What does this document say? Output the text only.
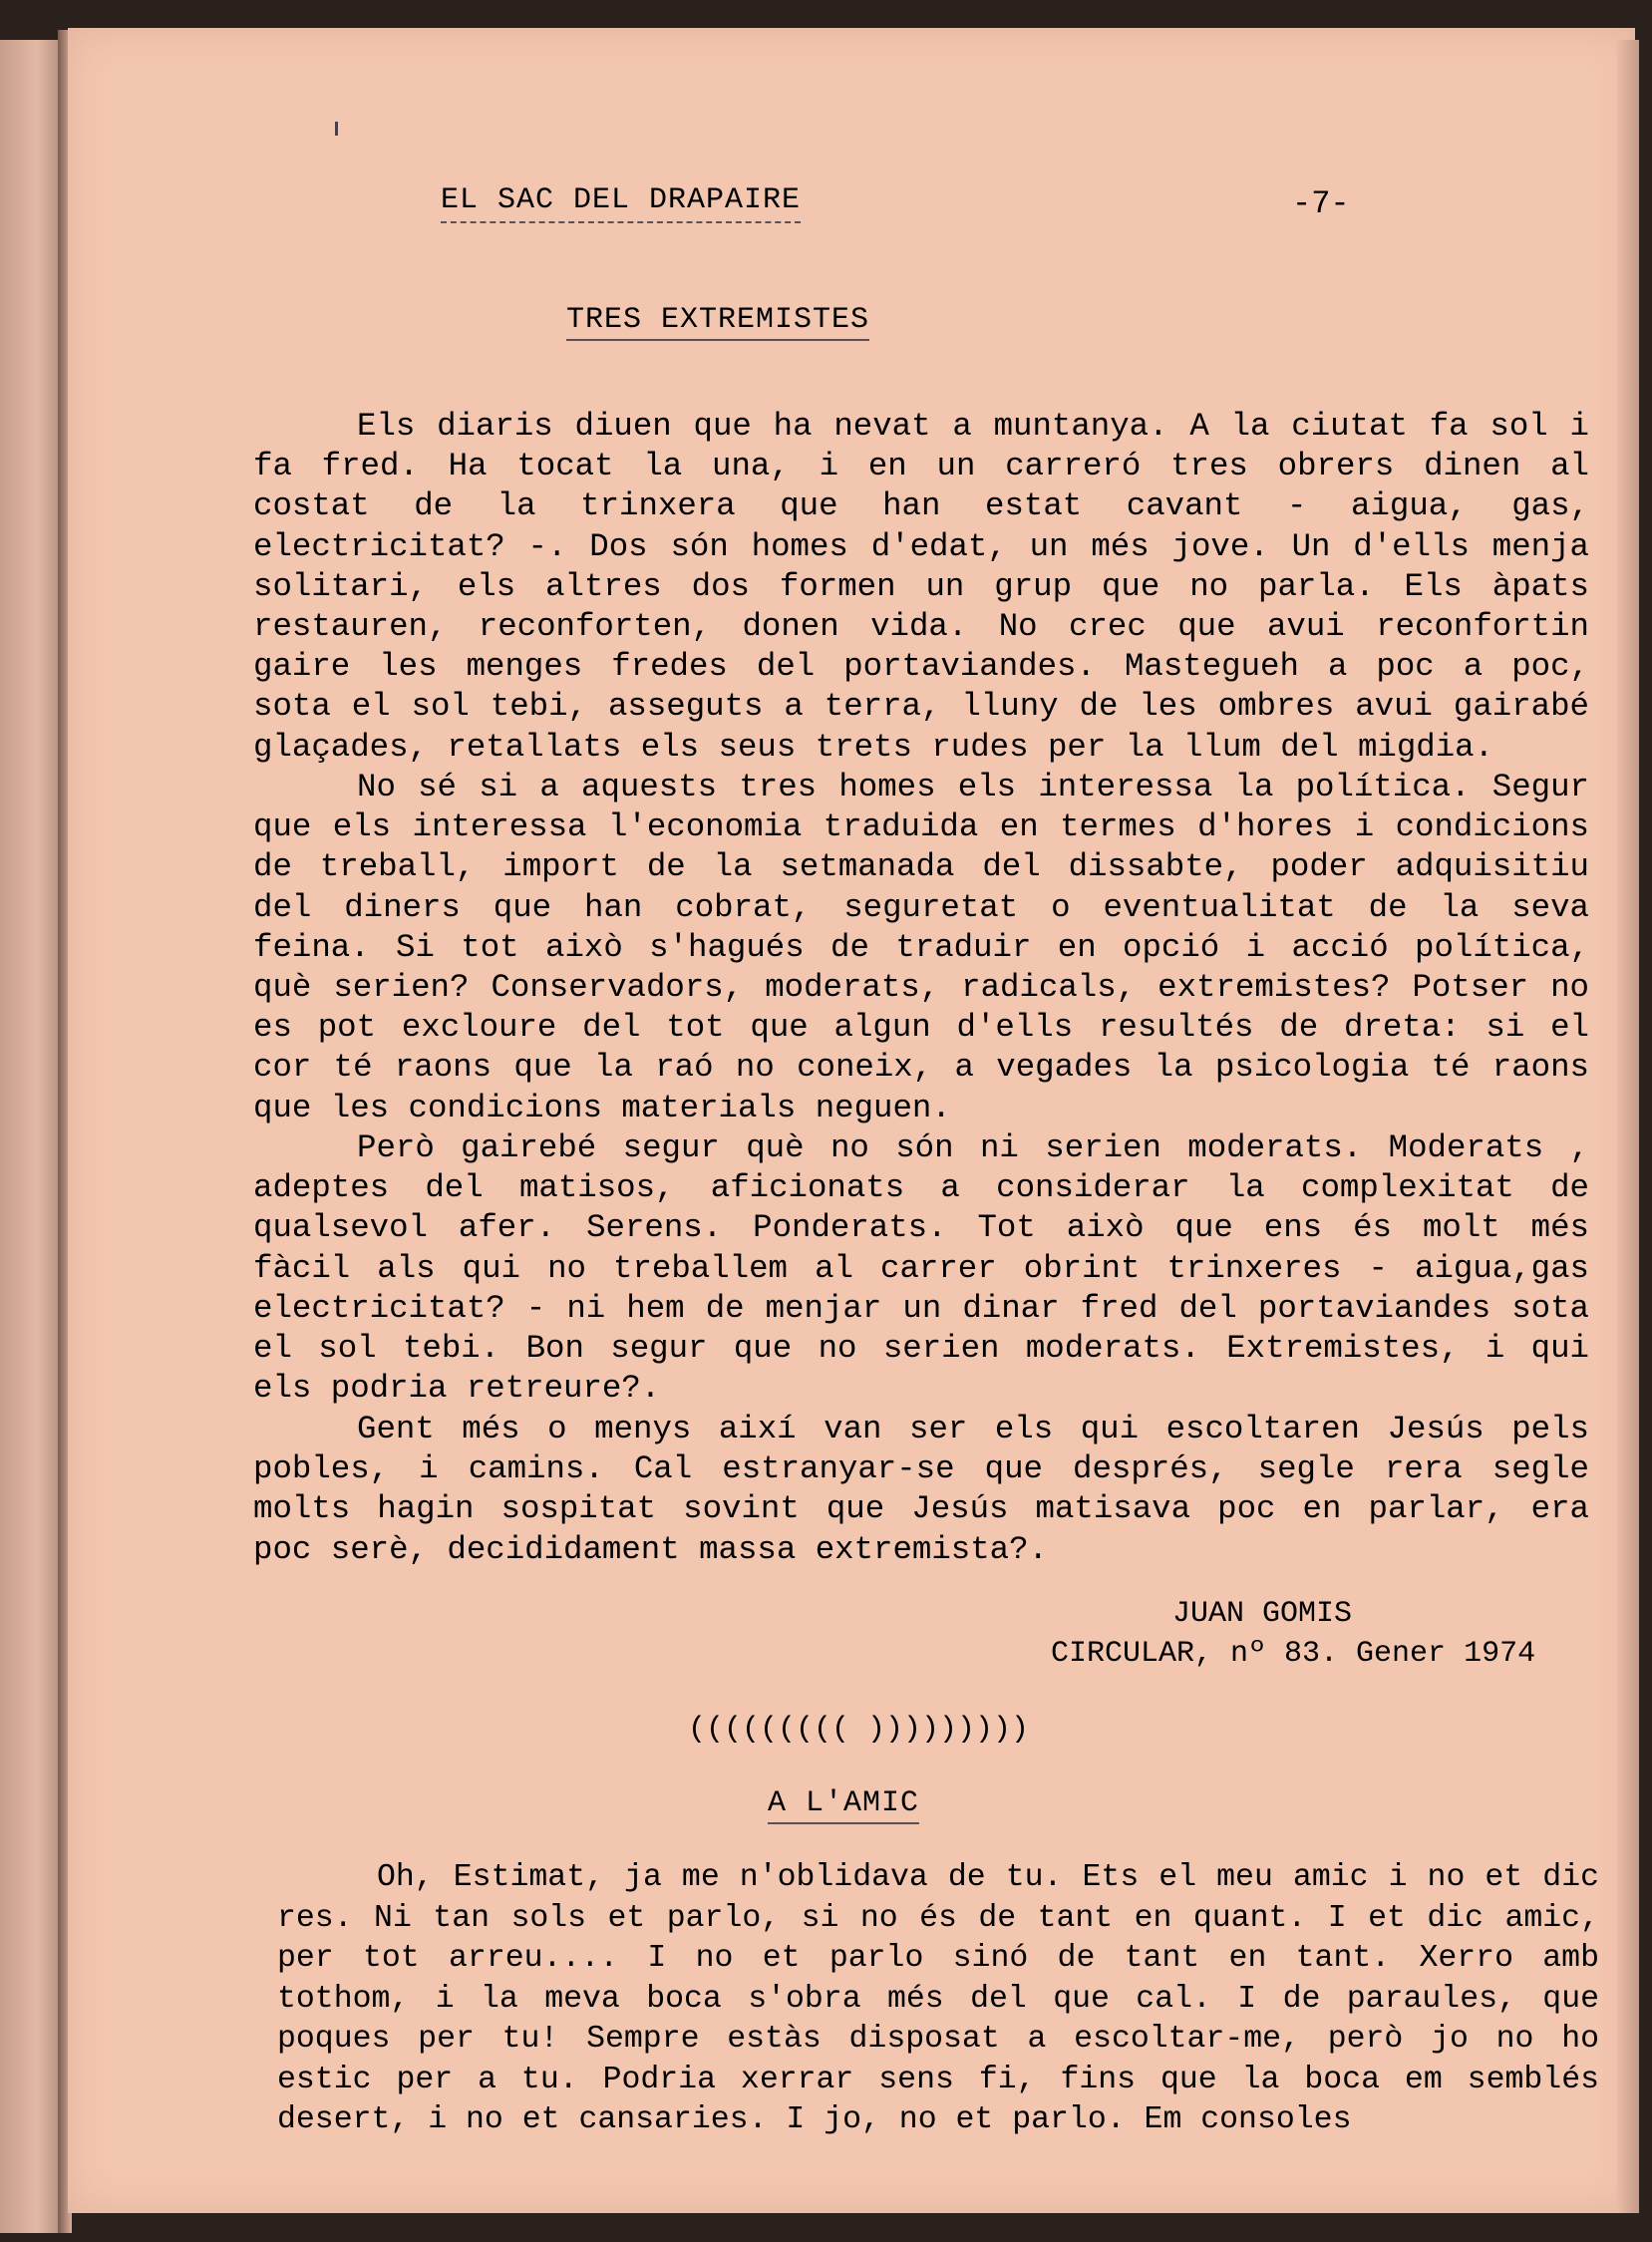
EL SAC DEL DRAPAIRE	-7-
TRES EXTREMISTES

Els diaris diuen que ha nevat a muntanya. A la ciutat fa sol i fa fred. Ha tocat la una, i en un carreró tres obrers dinen al costat de la trinxera que han estat cavant - aigua, gas, electricitat? -. Dos són homes d'edat, un més jove. Un d'ells menja solitari, els altres dos formen un grup que no parla. Els àpats restauren, reconforten, donen vida. No crec que avui reconfortin gaire les menges fredes del portaviandes. Mastegueh a poc a poc, sota el sol tebi, asseguts a terra, lluny de les ombres avui gairabé glaçades, retallats els seus trets rudes per la llum del migdia.

No sé si a aquests tres homes els interessa la política. Segur que els interessa l'economia traduida en termes d'hores i condicions de treball, import de la setmanada del dissabte, poder adquisitiu del diners que han cobrat, seguretat o eventualitat de la seva feina. Si tot això s'hagués de traduir en opció i acció política, què serien? Conservadors, moderats, radicals, extremistes? Potser no es pot excloure del tot que algun d'ells resultés de dreta: si el cor té raons que la raó no coneix, a vegades la psicologia té raons que les condicions materials neguen.

Però gairebé segur què no són ni serien moderats. Moderats , adeptes del matisos, aficionats a considerar la complexitat de qualsevol afer. Serens. Ponderats. Tot això que ens és molt més fàcil als qui no treballem al carrer obrint trinxeres - aigua,gas electricitat? - ni hem de menjar un dinar fred del portaviandes sota el sol tebi. Bon segur que no serien moderats. Extremistes, i qui els podria retreure?.

Gent més o menys així van ser els qui escoltaren Jesús pels pobles, i camins. Cal estranyar-se que després, segle rera segle molts hagin sospitat sovint que Jesús matisava poc en parlar, era poc serè, decididament massa extremista?.

JUAN GOMIS
CIRCULAR, nº 83. Gener 1974
((((((((( )))))))))
A L'AMIC

Oh, Estimat, ja me n'oblidava de tu. Ets el meu amic i no et dic res. Ni tan sols et parlo, si no és de tant en quant. I et dic amic, per tot arreu.... I no et parlo sinó de tant en tant. Xerro amb tothom, i la meva boca s'obra més del que cal. I de paraules, que poques per tu! Sempre estàs disposat a escoltar-me, però jo no ho estic per a tu. Podria xerrar sens fi, fins que la boca em semblés desert, i no et cansaries. I jo, no et parlo. Em consoles
